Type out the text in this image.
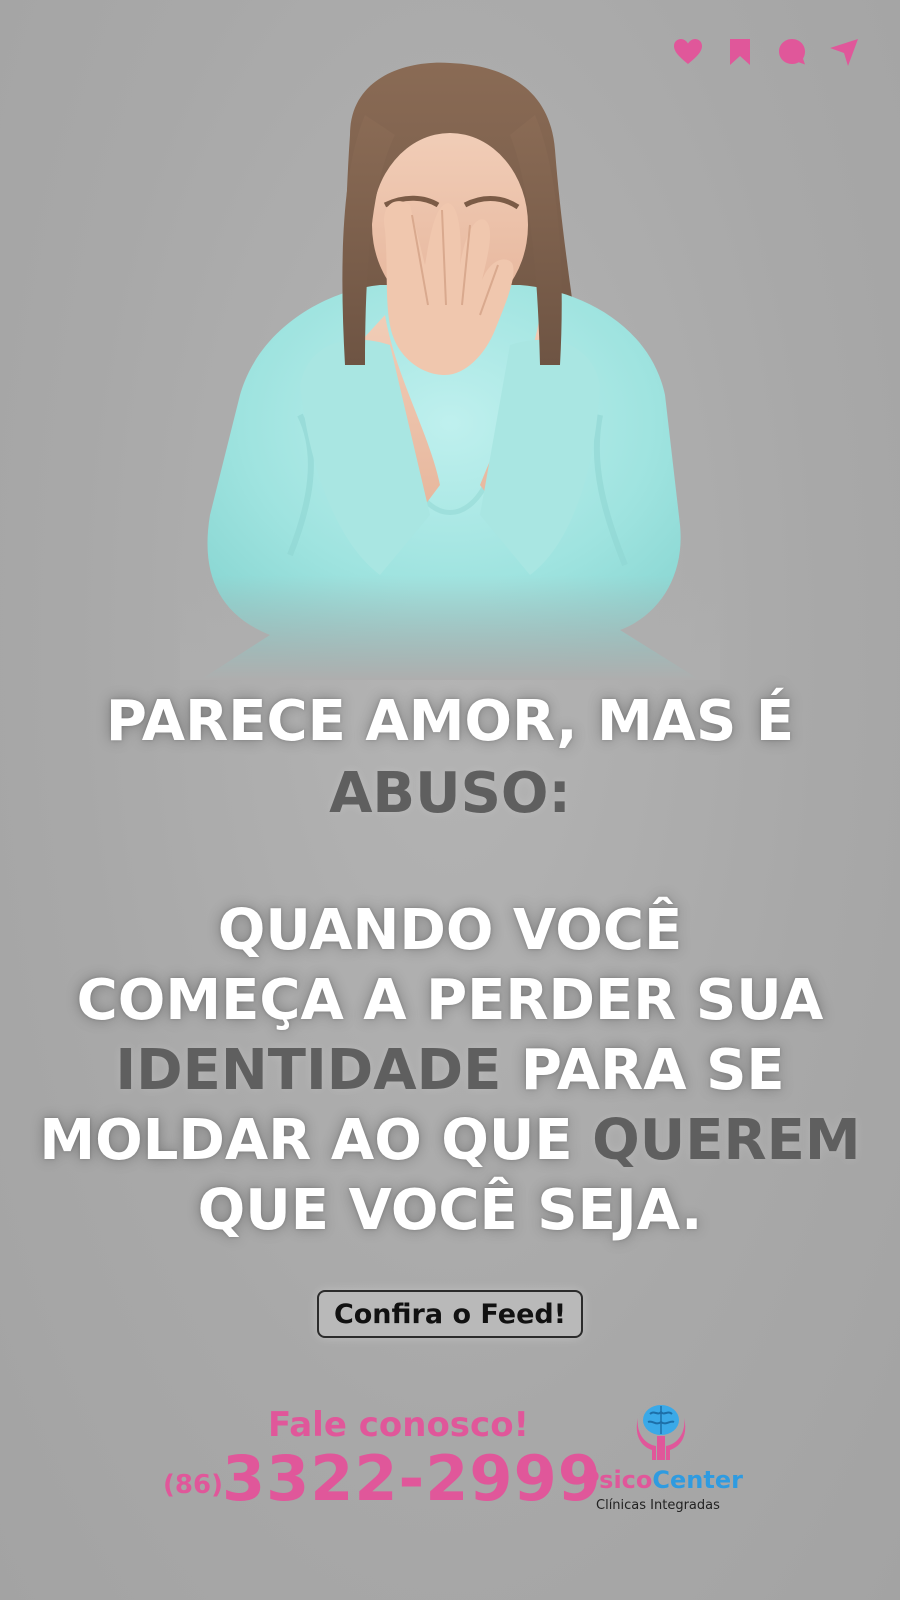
PARECE AMOR, MAS É
ABUSO:
QUANDO VOCÊ
COMEÇA A PERDER SUA
IDENTIDADE PARA SE
MOLDAR AO QUE QUEREM
QUE VOCÊ SEJA.
Confira o Feed!
Fale conosco!
(86) 3322-2999
PsicoCenter
Clínicas Integradas
